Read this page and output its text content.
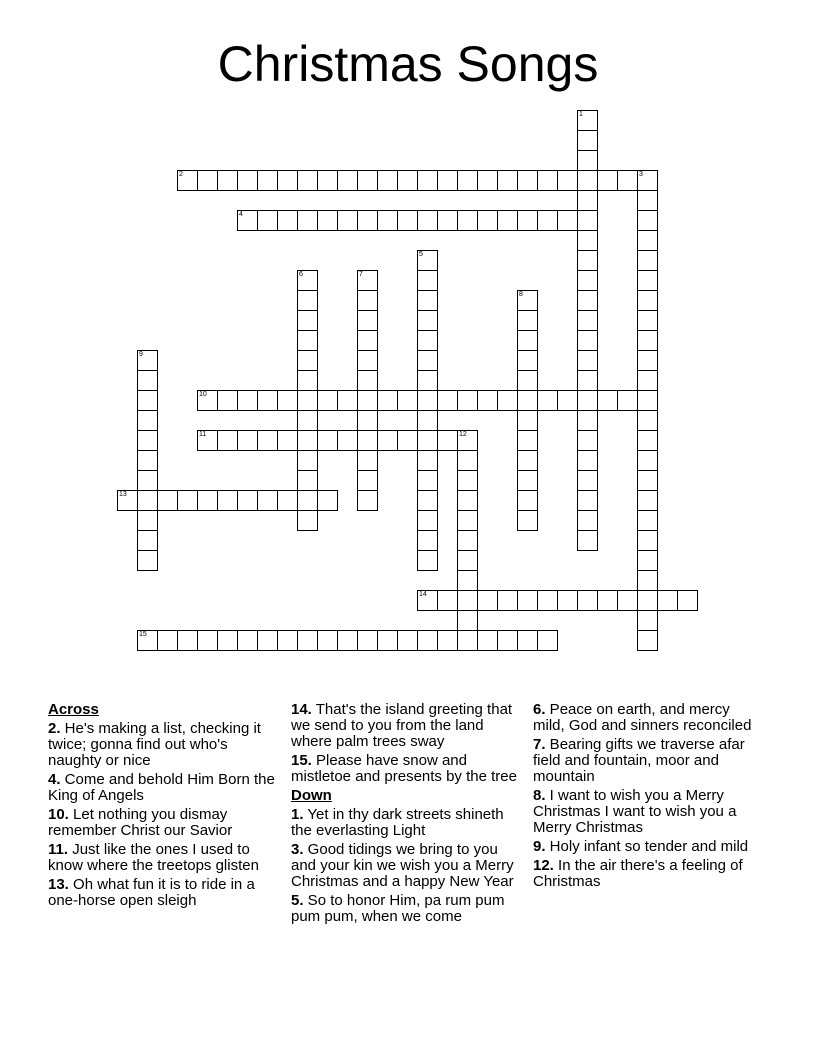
Christmas Songs
1
2	3
4
5
6	7
8
9
10
11	12
13
14
15
Across
2. He's making a list, checking it twice; gonna find out who's naughty or nice
4. Come and behold Him Born the King of Angels
10. Let nothing you dismay remember Christ our Savior
11. Just like the ones I used to know where the treetops glisten
13. Oh what fun it is to ride in a one-horse open sleigh
14. That's the island greeting that we send to you from the land where palm trees sway
15. Please have snow and mistletoe and presents by the tree
Down
1. Yet in thy dark streets shineth the everlasting Light
3. Good tidings we bring to you and your kin we wish you a Merry Christmas and a happy New Year
5. So to honor Him, pa rum pum pum pum, when we come
6. Peace on earth, and mercy mild, God and sinners reconciled
7. Bearing gifts we traverse afar field and fountain, moor and mountain
8. I want to wish you a Merry Christmas I want to wish you a Merry Christmas
9. Holy infant so tender and mild
12. In the air there's a feeling of Christmas
